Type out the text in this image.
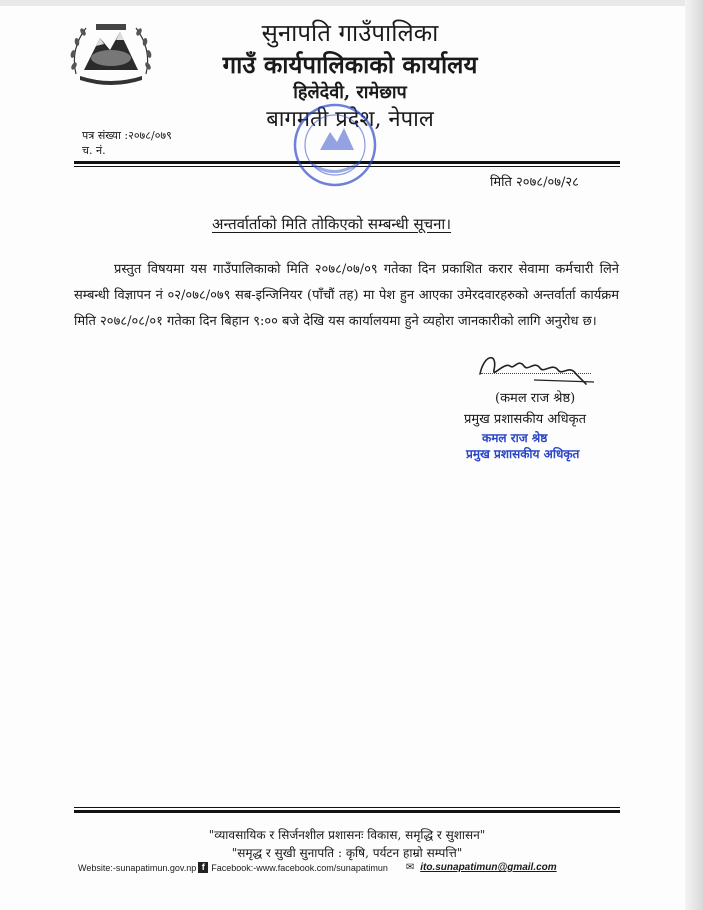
सुनापति गाउँपालिका
गाउँ कार्यपालिकाको कार्यालय
हिलेदेवी, रामेछाप
बागमती प्रदेश, नेपाल
पत्र संख्या :२०७८/०७९
च. नं.
मिति २०७८/०७/२८
अन्तर्वार्ताको मिति तोकिएको सम्बन्धी सूचना।
प्रस्तुत विषयमा यस गाउँपालिकाको मिति २०७८/०७/०९ गतेका दिन प्रकाशित करार सेवामा कर्मचारी लिने सम्बन्धी विज्ञापन नं ०२/०७८/०७९ सब-इन्जिनियर (पाँचौं तह) मा पेश हुन आएका उमेरदवारहरुको अन्तर्वार्ता कार्यक्रम मिति २०७८/०८/०१ गतेका दिन बिहान ९:०० बजे देखि यस कार्यालयमा हुने व्यहोरा जानकारीको लागि अनुरोध छ।
(कमल राज श्रेष्ठ)
प्रमुख प्रशासकीय अधिकृत
कमल राज श्रेष्ठ
प्रमुख प्रशासकीय अधिकृत
"व्यावसायिक र सिर्जनशील प्रशासनः विकास, समृद्धि र सुशासन"
"समृद्ध र सुखी सुनापति : कृषि, पर्यटन हाम्रो सम्पत्ति"
Website:-sunapatimun.gov.np f Facebook:-www.facebook.com/sunapatimun ✉ ito.sunapatimun@gmail.com
